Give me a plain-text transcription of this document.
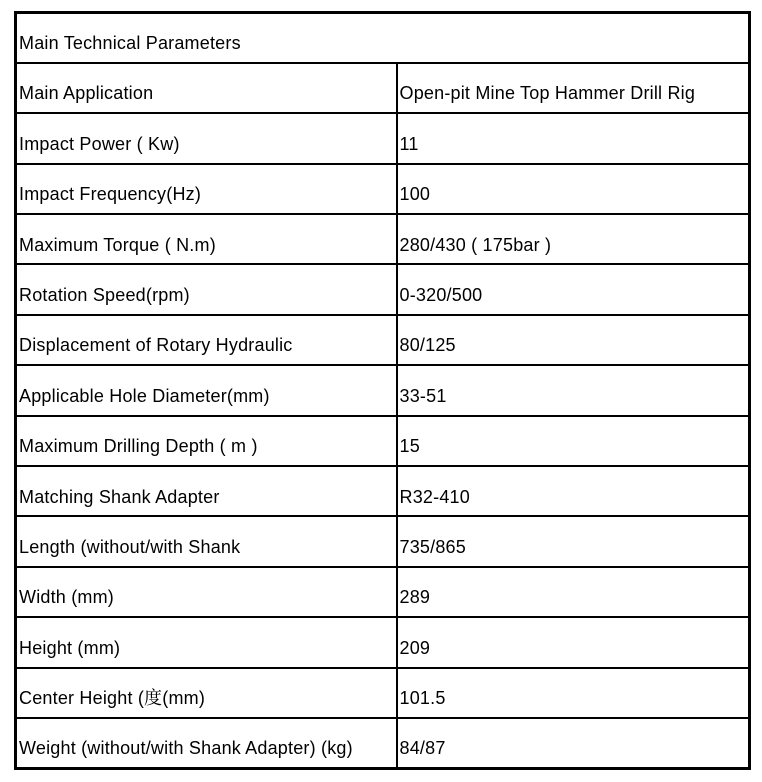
Main Technical Parameters	
Main Application	Open-pit Mine Top Hammer Drill Rig
Impact Power ( Kw)	11
Impact Frequency(Hz)	100
Maximum Torque ( N.m)	280/430 ( 175bar )
Rotation Speed(rpm)	0-320/500
Displacement of Rotary Hydraulic	80/125
Applicable Hole Diameter(mm)	33-51
Maximum Drilling Depth ( m )	15
Matching Shank Adapter	R32-410
Length (without/with Shank	735/865
Width (mm)	289
Height (mm)	209
Center Height (度(mm)	101.5
Weight (without/with Shank Adapter) (kg)	84/87
